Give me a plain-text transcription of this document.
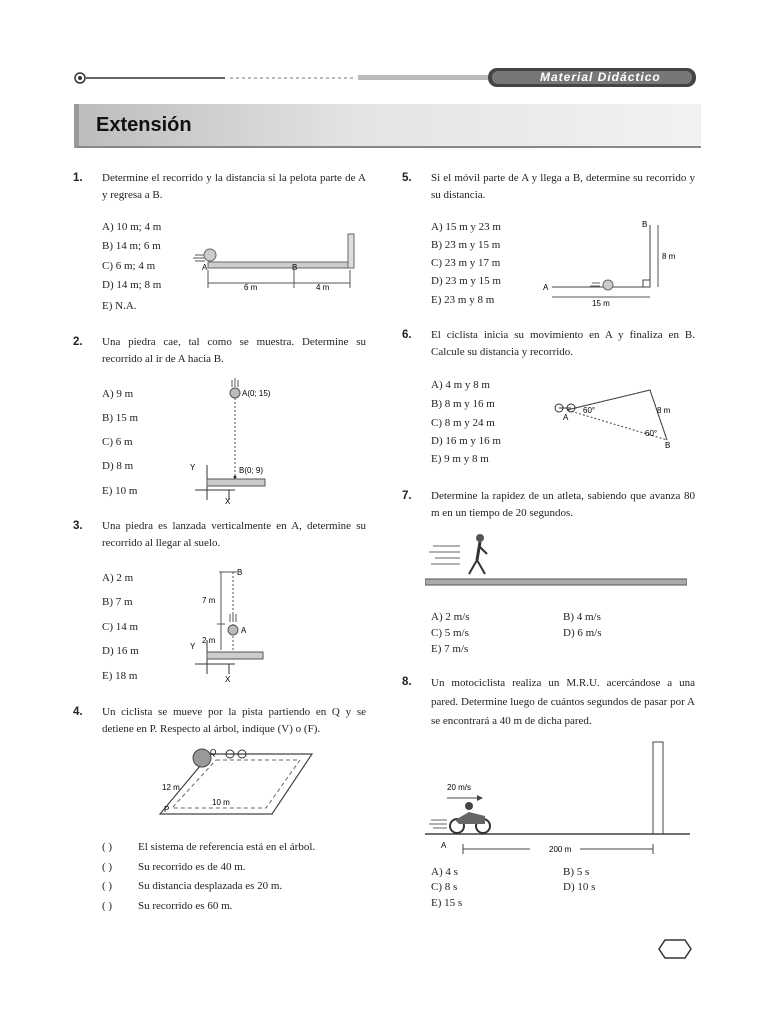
Material Didáctico
Extensión
1. Determine el recorrido y la distancia si la pelota parte de A y regresa a B.
A) 10 m; 4 m
B) 14 m; 6 m
C) 6 m; 4 m
D) 14 m; 8 m
E) N.A.
A	B
6 m	4 m
2. Una piedra cae, tal como se muestra. Determine su recorrido al ir de A hacia B.
A) 9 m
B) 15 m
C) 6 m
D) 8 m
E) 10 m
A(0; 15)
B(0; 9)
Y
X
3. Una piedra es lanzada verticalmente en A, determine su recorrido al llegar al suelo.
A) 2 m
B) 7 m
C) 14 m
D) 16 m
E) 18 m
B
A
7 m
2 m
Y
X
4. Un ciclista se mueve por la pista partiendo en Q y se detiene en P. Respecto al árbol, indique (V) o (F).
Q
P
12 m
10 m
( ) El sistema de referencia está en el árbol.
( ) Su recorrido es de 40 m.
( ) Su distancia desplazada es 20 m.
( ) Su recorrido es 60 m.
5. Si el móvil parte de A y llega a B, determine su recorrido y su distancia.
A) 15 m y 23 m
B) 23 m y 15 m
C) 23 m y 17 m
D) 23 m y 15 m
E) 23 m y 8 m
A
B
15 m
8 m
6. El ciclista inicia su movimiento en A y finaliza en B. Calcule su distancia y recorrido.
A) 4 m y 8 m
B) 8 m y 16 m
C) 8 m y 24 m
D) 16 m y 16 m
E) 9 m y 8 m
A
B
60°
60°
8 m
7. Determine la rapidez de un atleta, sabiendo que avanza 80 m en un tiempo de 20 segundos.
A) 2 m/s	B) 4 m/s
C) 5 m/s	D) 6 m/s
E) 7 m/s
8. Un motociclista realiza un M.R.U. acercándose a una pared. Determine luego de cuántos segundos de pasar por A se encontrará a 40 m de dicha pared.
20 m/s
A	200 m
A) 4 s	B) 5 s
C) 8 s	D) 10 s
E) 15 s
